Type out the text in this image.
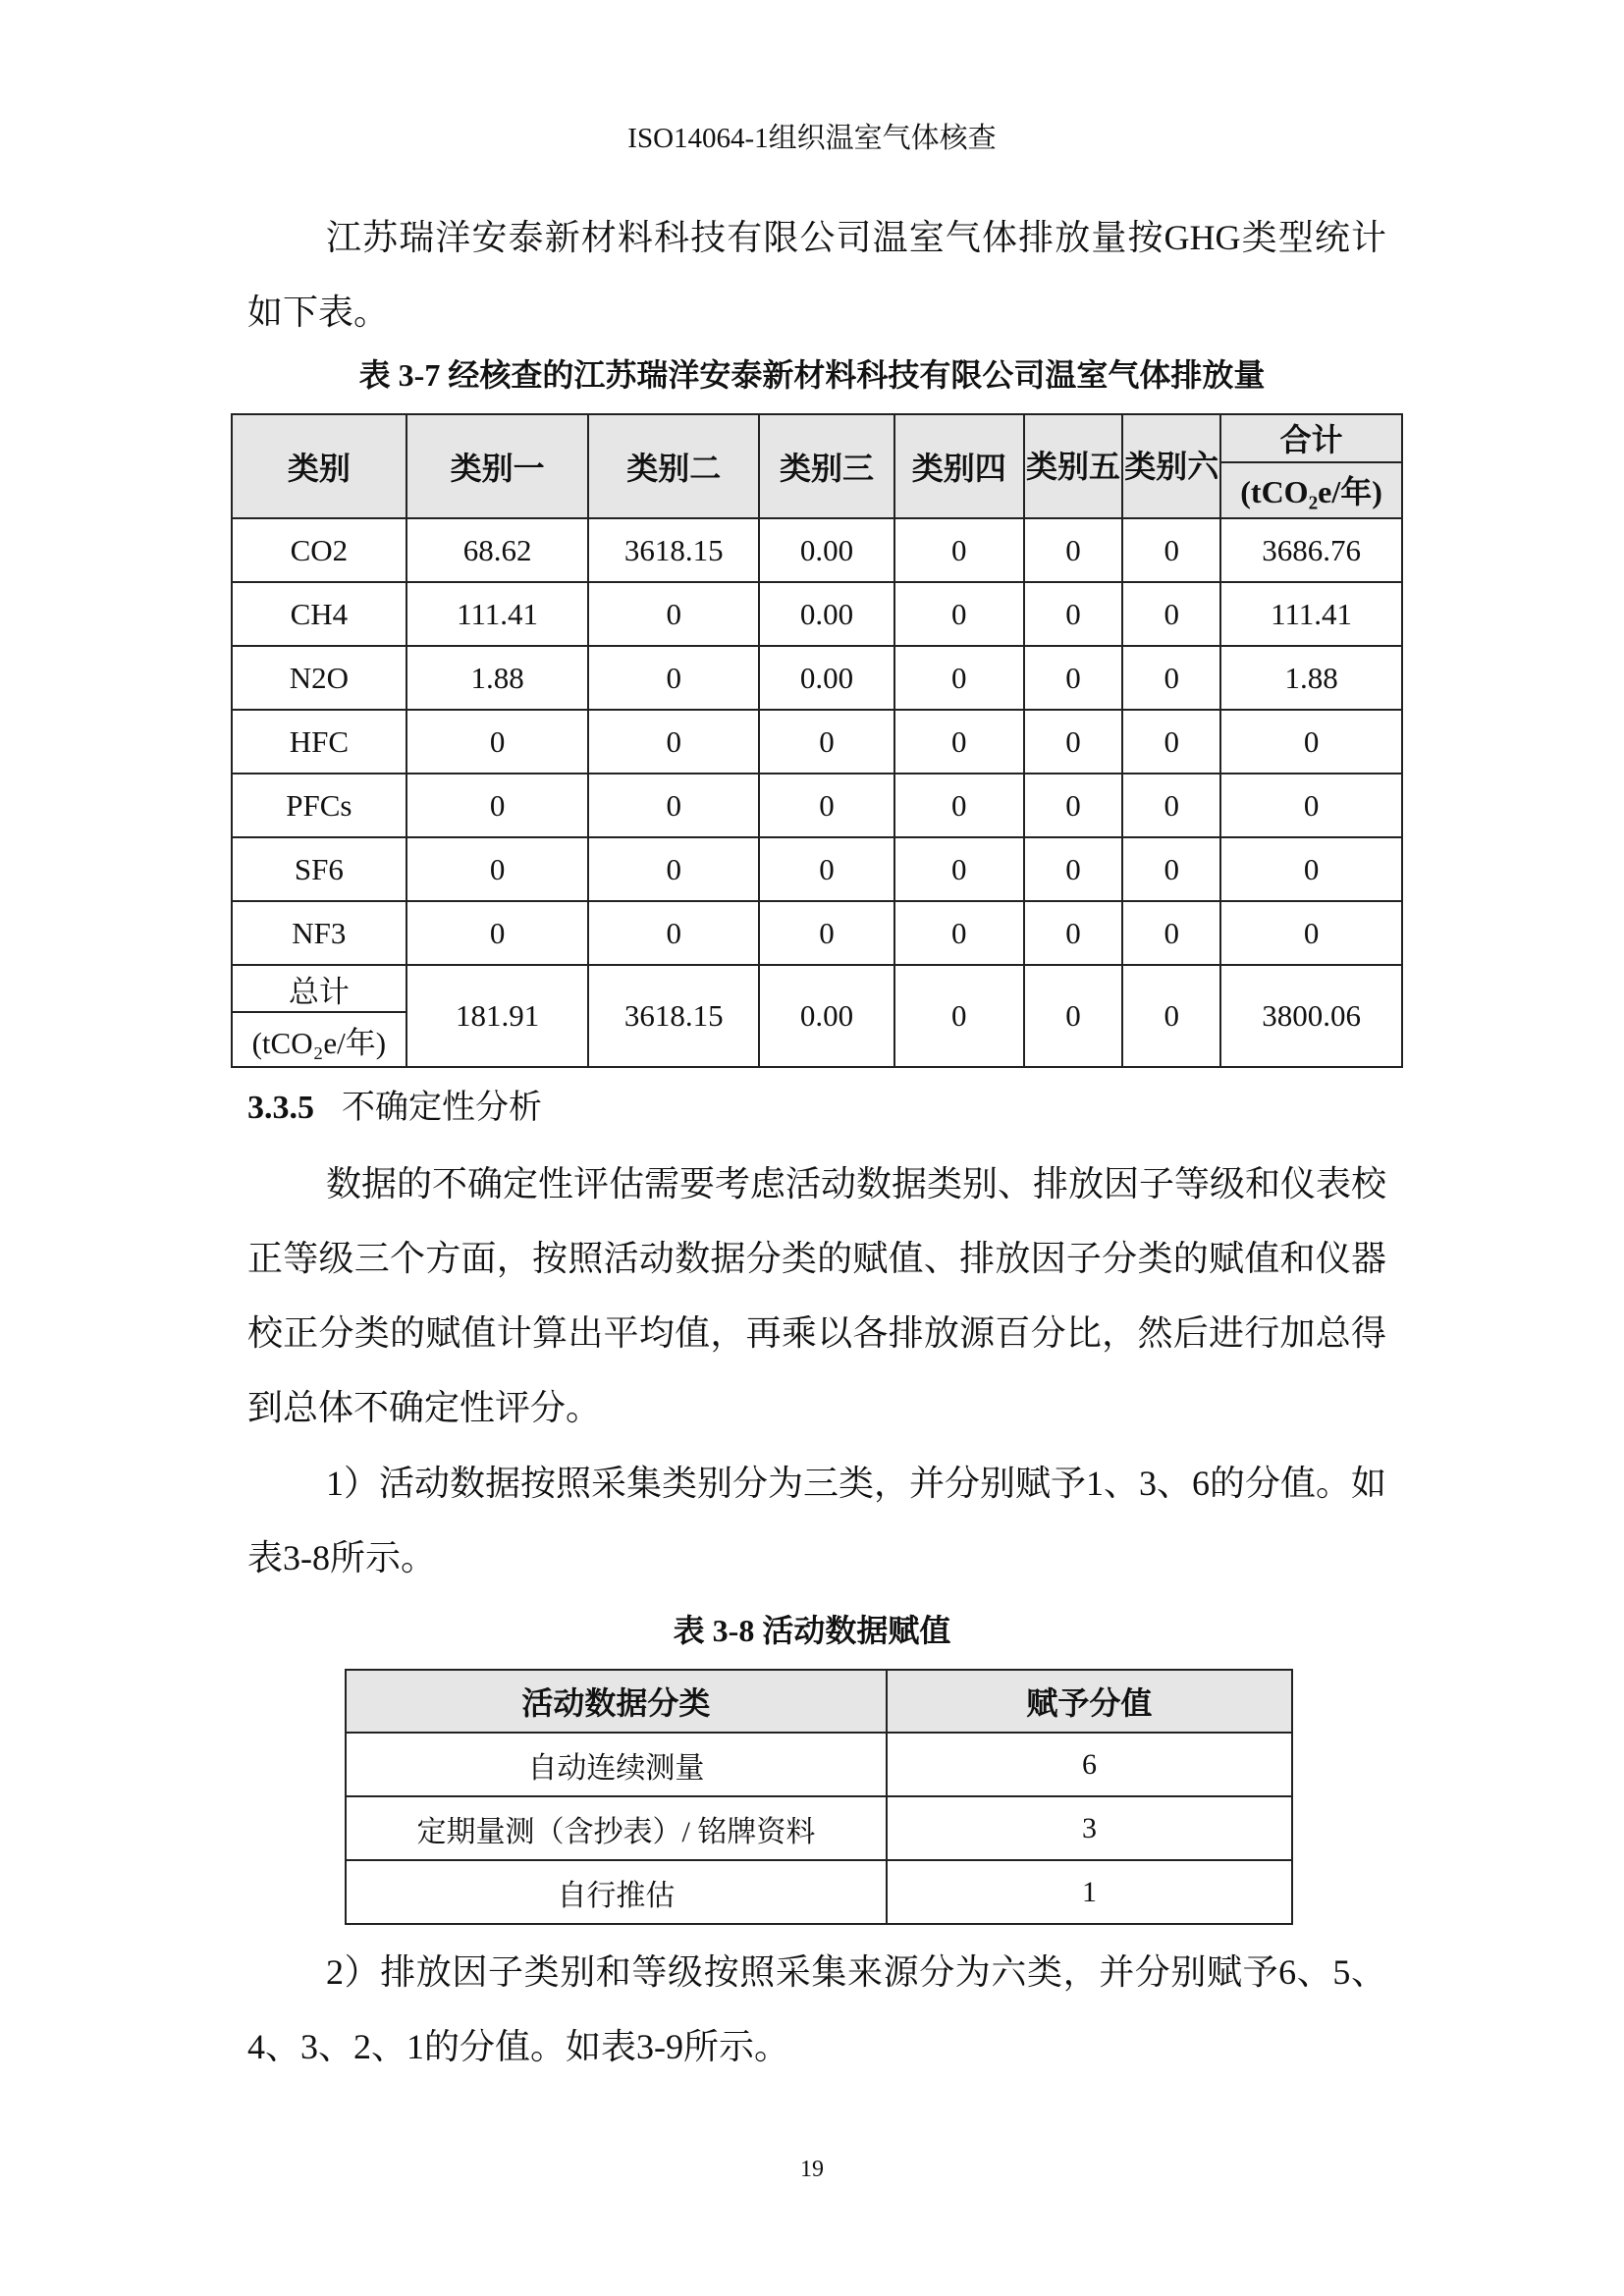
ISO14064-1组织温室气体核查

江苏瑞洋安泰新材料科技有限公司温室气体排放量按GHG类型统计如下表。

表 3-7 经核查的江苏瑞洋安泰新材料科技有限公司温室气体排放量
类别	类别一	类别二	类别三	类别四	类别五	类别六	合计
							(tCO₂e/年)
CO2	68.62	3618.15	0.00	0	0	0	3686.76
CH4	111.41	0	0.00	0	0	0	111.41
N2O	1.88	0	0.00	0	0	0	1.88
HFC	0	0	0	0	0	0	0
PFCs	0	0	0	0	0	0	0
SF6	0	0	0	0	0	0	0
NF3	0	0	0	0	0	0	0
总计	181.91	3618.15	0.00	0	0	0	3800.06
(tCO₂e/年)							
3.3.5 不确定性分析

数据的不确定性评估需要考虑活动数据类别、排放因子等级和仪表校正等级三个方面，按照活动数据分类的赋值、排放因子分类的赋值和仪器校正分类的赋值计算出平均值，再乘以各排放源百分比，然后进行加总得到总体不确定性评分。

1）活动数据按照采集类别分为三类，并分别赋予1、3、6的分值。如表3-8所示。

表 3-8 活动数据赋值
活动数据分类	赋予分值
自动连续测量	6
定期量测（含抄表）/ 铭牌资料	3
自行推估	1

2）排放因子类别和等级按照采集来源分为六类，并分别赋予6、5、4、3、2、1的分值。如表3-9所示。

19
